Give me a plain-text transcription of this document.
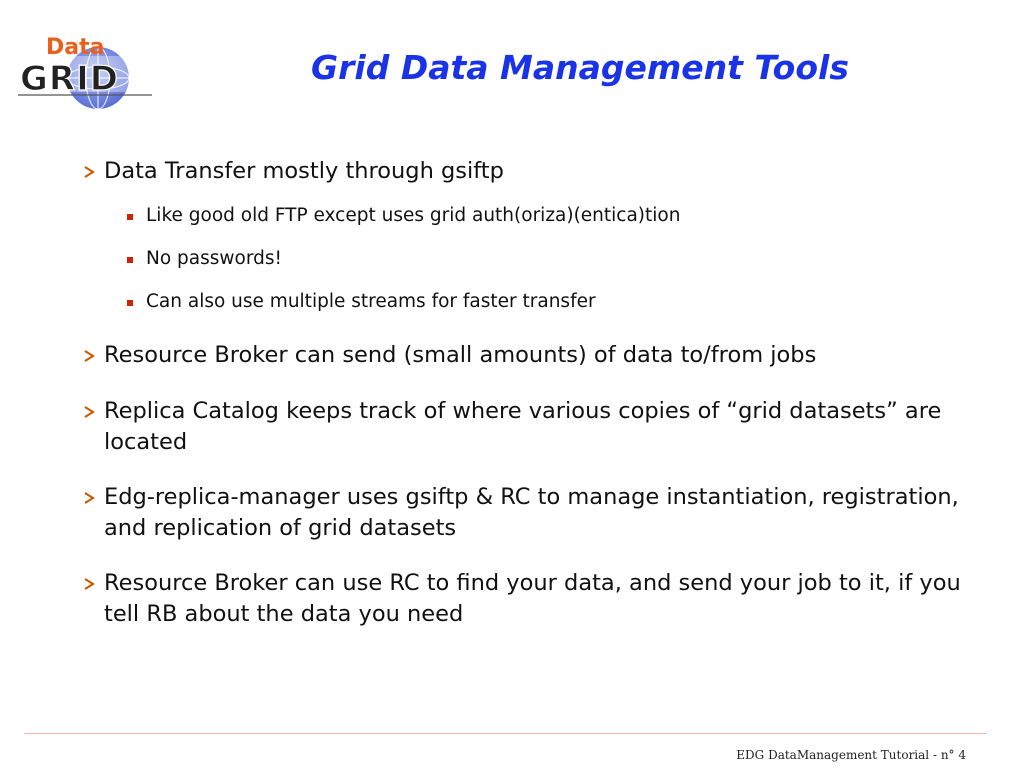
Data
GRID	Grid Data Management Tools
Data Transfer mostly through gsiftp
Like good old FTP except uses grid auth(oriza)(entica)tion
No passwords!
Can also use multiple streams for faster transfer
Resource Broker can send (small amounts) of data to/from jobs
Replica Catalog keeps track of where various copies of “grid datasets” are located
Edg-replica-manager uses gsiftp & RC to manage instantiation, registration, and replication of grid datasets
Resource Broker can use RC to find your data, and send your job to it, if you tell RB about the data you need
EDG DataManagement Tutorial - n° 4
